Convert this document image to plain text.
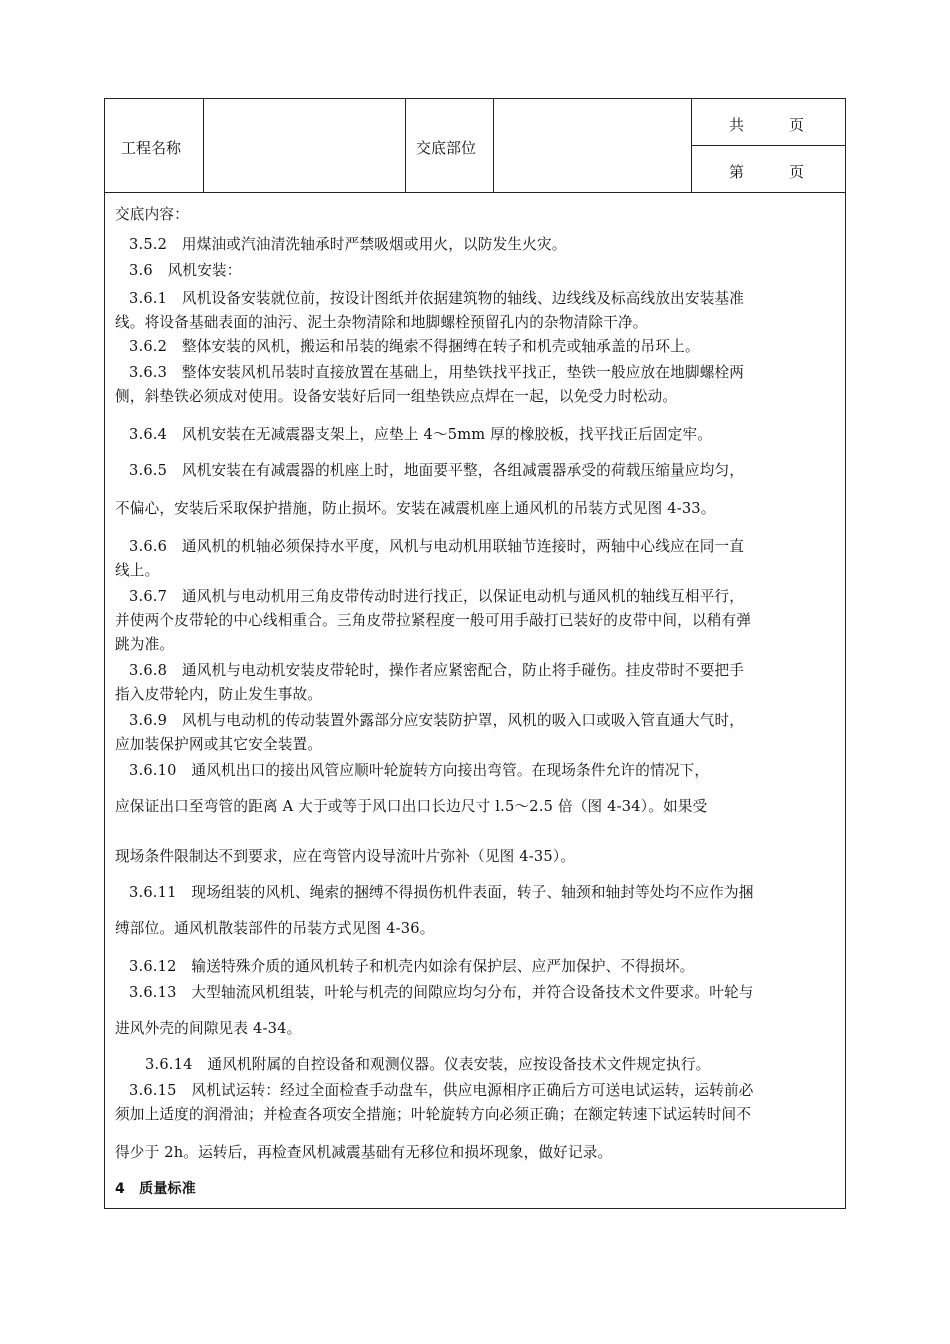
工程名称	交底部位
共　　　页
第　　　页
交底内容：
3.5.2　用煤油或汽油清洗轴承时严禁吸烟或用火，以防发生火灾。
3.6　风机安装：
3.6.1　风机设备安装就位前，按设计图纸并依据建筑物的轴线、边线线及标高线放出安装基准
线。将设备基础表面的油污、泥土杂物清除和地脚螺栓预留孔内的杂物清除干净。
3.6.2　整体安装的风机，搬运和吊装的绳索不得捆缚在转子和机壳或轴承盖的吊环上。
3.6.3　整体安装风机吊装时直接放置在基础上，用垫铁找平找正，垫铁一般应放在地脚螺栓两
侧，斜垫铁必须成对使用。设备安装好后同一组垫铁应点焊在一起，以免受力时松动。
3.6.4　风机安装在无减震器支架上，应垫上 4～5mm 厚的橡胶板，找平找正后固定牢。
3.6.5　风机安装在有减震器的机座上时，地面要平整，各组减震器承受的荷载压缩量应均匀，
不偏心，安装后采取保护措施，防止损坏。安装在减震机座上通风机的吊装方式见图 4-33。
3.6.6　通风机的机轴必须保持水平度，风机与电动机用联轴节连接时，两轴中心线应在同一直
线上。
3.6.7　通风机与电动机用三角皮带传动时进行找正，以保证电动机与通风机的轴线互相平行，
并使两个皮带轮的中心线相重合。三角皮带拉紧程度一般可用手敲打已装好的皮带中间，以稍有弹
跳为准。
3.6.8　通风机与电动机安装皮带轮时，操作者应紧密配合，防止将手碰伤。挂皮带时不要把手
指入皮带轮内，防止发生事故。
3.6.9　风机与电动机的传动装置外露部分应安装防护罩，风机的吸入口或吸入管直通大气时，
应加装保护网或其它安全装置。
3.6.10　通风机出口的接出风管应顺叶轮旋转方向接出弯管。在现场条件允许的情况下，
应保证出口至弯管的距离 A 大于或等于风口出口长边尺寸 l.5～2.5 倍（图 4-34）。如果受
现场条件限制达不到要求，应在弯管内设导流叶片弥补（见图 4-35）。
3.6.11　现场组装的风机、绳索的捆缚不得损伤机件表面，转子、轴颈和轴封等处均不应作为捆
缚部位。通风机散装部件的吊装方式见图 4-36。
3.6.12　输送特殊介质的通风机转子和机壳内如涂有保护层、应严加保护、不得损坏。
3.6.13　大型轴流风机组装，叶轮与机壳的间隙应均匀分布，并符合设备技术文件要求。叶轮与
进风外壳的间隙见表 4-34。
3.6.14　通风机附属的自控设备和观测仪器。仪表安装，应按设备技术文件规定执行。
3.6.15　风机试运转：经过全面检查手动盘车，供应电源相序正确后方可送电试运转，运转前必
须加上适度的润滑油；并检查各项安全措施；叶轮旋转方向必须正确；在额定转速下试运转时间不
得少于 2h。运转后，再检查风机减震基础有无移位和损坏现象，做好记录。
4　质量标准
